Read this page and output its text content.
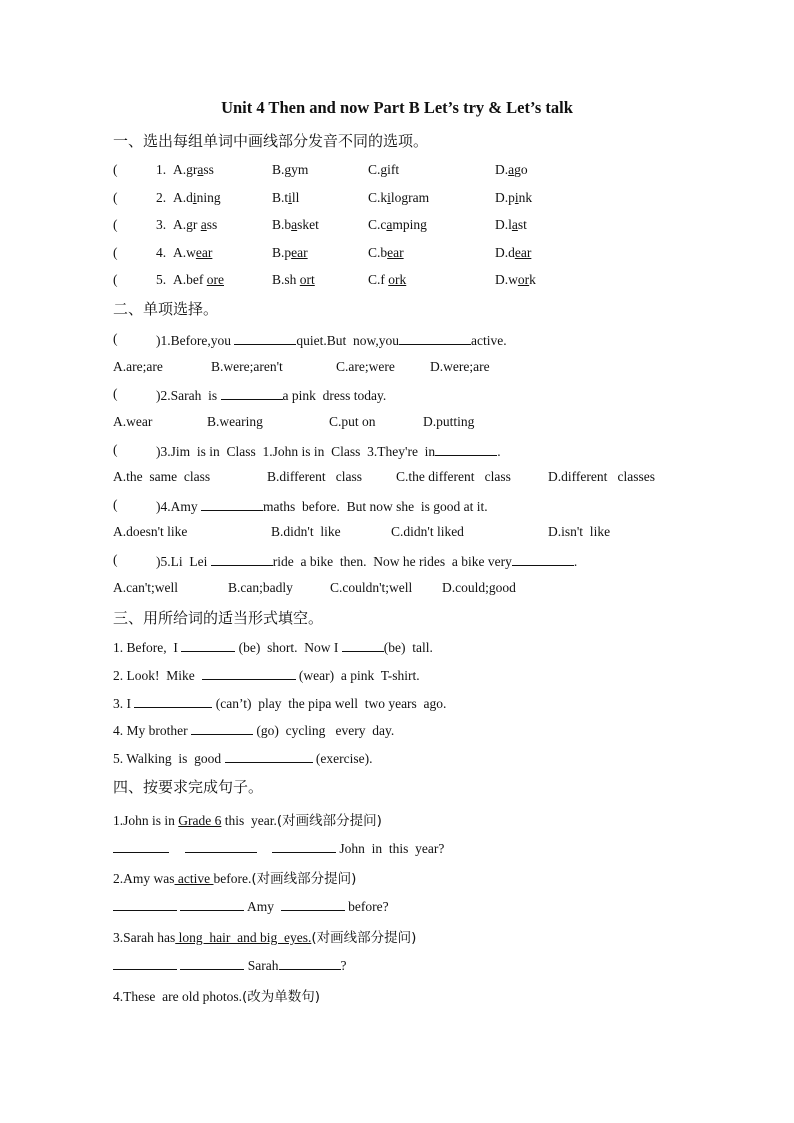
Unit 4 Then and now Part B Let’s try & Let’s talk
一、选出每组单词中画线部分发音不同的选项。
(	1. A.grass	B.gym	C.gift	D.ago
(	2. A.dining	B.till	C.kilogram	D.pink
(	3. A.gr ass	B.basket	C.camping	D.last
(	4. A.wear	B.pear	C.bear	D.dear
(	5. A.bef ore	B.sh ort	C.f ork	D.work
二、单项选择。
(	)1.Before,you	quiet.But  now,you	active.
A.are;are	B.were;aren't	C.are;were	D.were;are
(	)2.Sarah  is	a pink  dress today.
A.wear	B.wearing	C.put on	D.putting
(	)3.Jim  is in  Class  1.John is in  Class  3.They're  in	.
A.the  same  class	B.different   class	C.the different   class	D.different   classes
(	)4.Amy	maths  before.  But now she  is good at it.
A.doesn't like	B.didn't  like	C.didn't liked	D.isn't  like
(	)5.Li  Lei	ride  a bike  then.  Now he rides  a bike very	.
A.can't;well	B.can;badly	C.couldn't;well D.could;good
三、用所给词的适当形式填空。
1. Before,  I	(be)  short.  Now I	(be)  tall.
2. Look!  Mike	(wear)  a pink  T-shirt.
3. I	(can’t)  play  the pipa well  two years  ago.
4. My brother	(go)  cycling   every  day.
5. Walking  is  good	(exercise).
四、按要求完成句子。
1.John is in Grade 6 this  year.(对画线部分提问)
John  in  this  year?
2.Amy was active before.(对画线部分提问)
Amy	before?
3.Sarah has long  hair  and big  eyes.(对画线部分提问)
Sarah	?
4.These  are old photos.(改为单数句)
